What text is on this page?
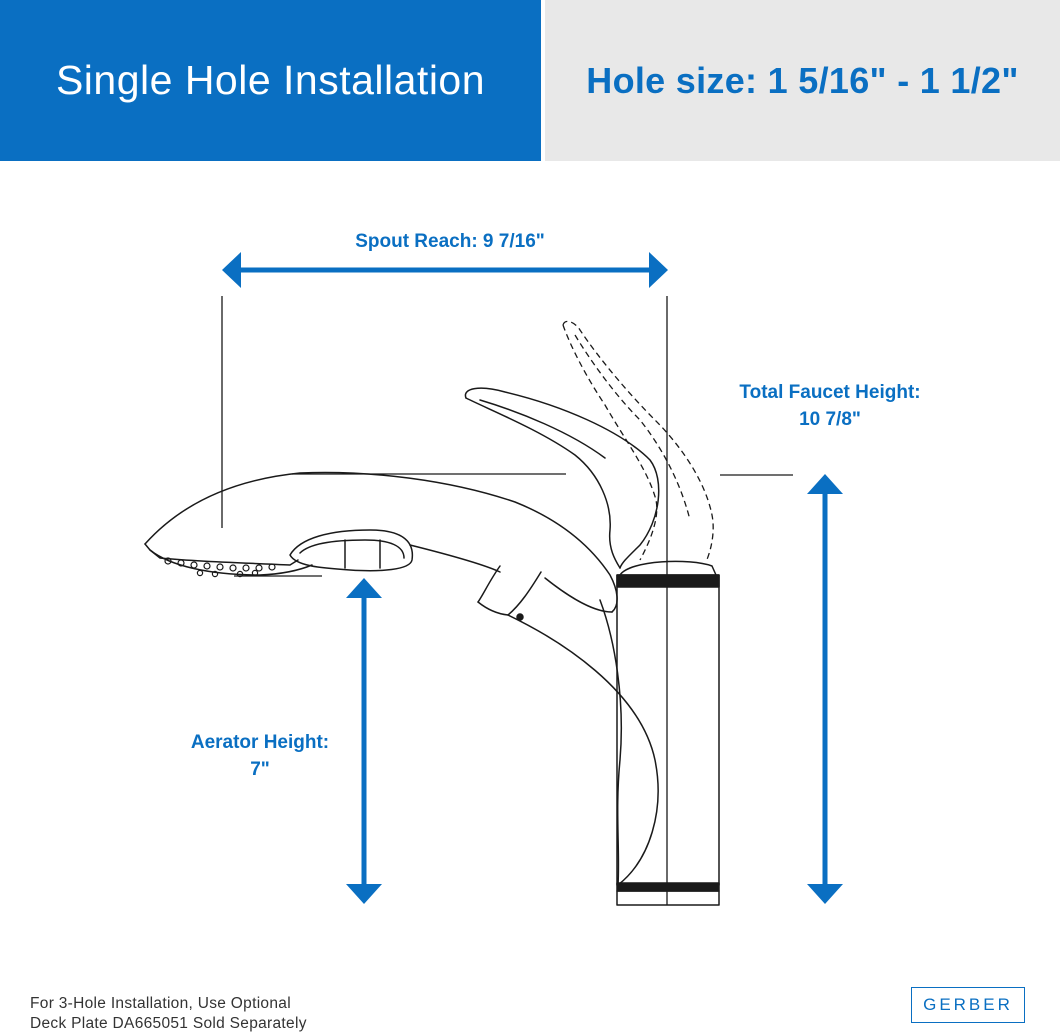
Single Hole Installation	Hole size: 1 5/16" - 1 1/2"
Spout Reach: 9 7/16"
Total Faucet Height:
10 7/8"
Aerator Height:
7"
For 3-Hole Installation, Use Optional
Deck Plate DA665051 Sold Separately
GERBER
